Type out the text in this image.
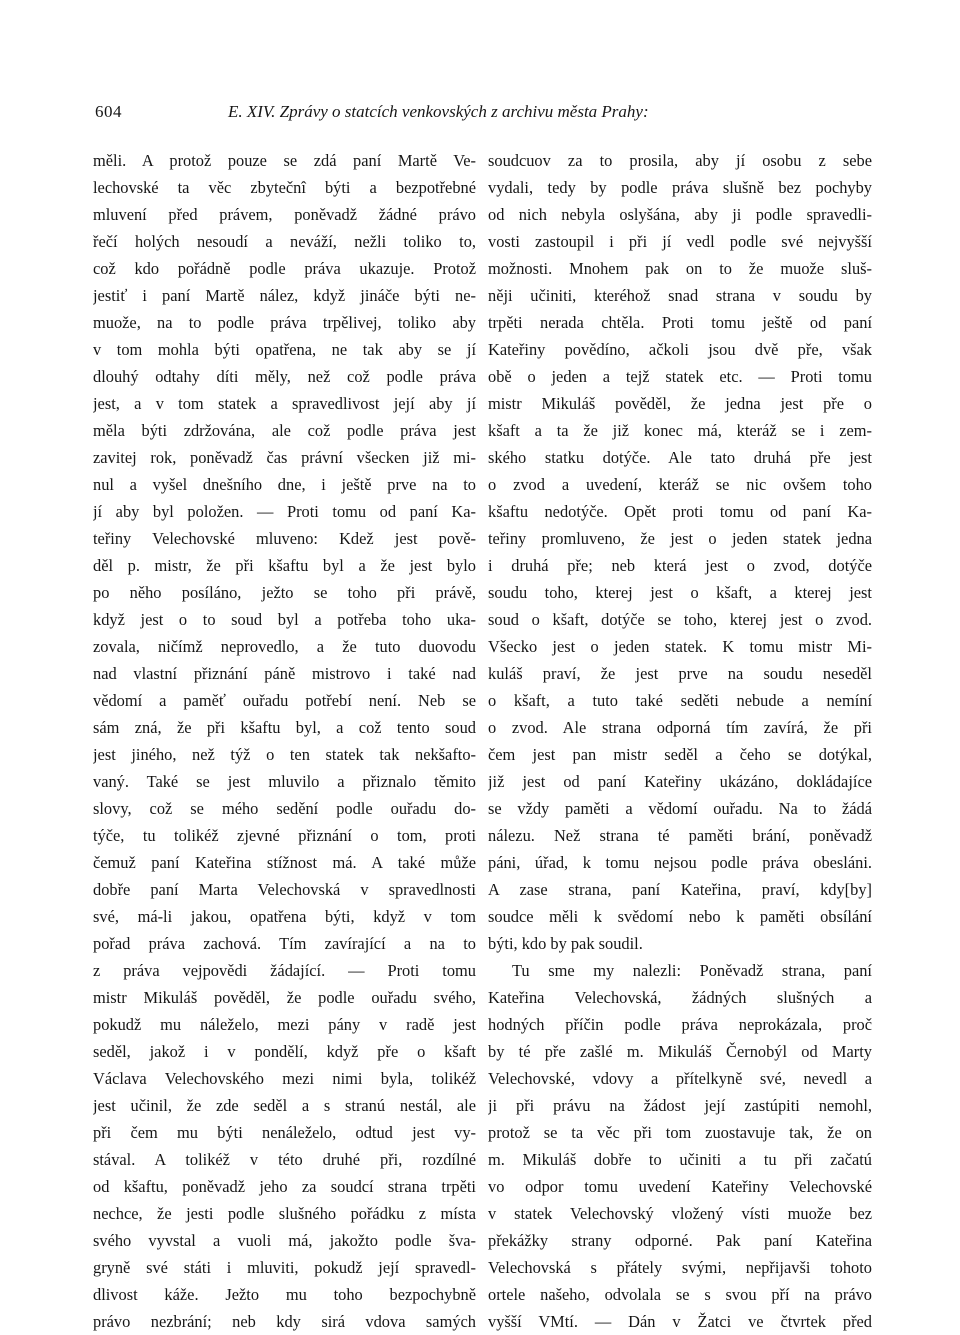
604	E. XIV. Zprávy o statcích venkovských z archivu města Prahy:
měli. A protož pouze se zdá paní Martě Ve-
lechovské ta věc zbytečnî býti a bezpotřebné
mluvení před právem, poněvadž žádné právo
řečí holých nesoudí a neváží, nežli toliko to,
což kdo pořádně podle práva ukazuje. Protož
jestiť i paní Martě nález, když jináče býti ne-
muože, na to podle práva trpělivej, toliko aby
v tom mohla býti opatřena, ne tak aby se jí
dlouhý odtahy díti měly, než což podle práva
jest, a v tom statek a spravedlivost její aby jí
měla býti zdržována, ale což podle práva jest
zavitej rok, poněvadž čas právní všecken již mi-
nul a vyšel dnešního dne, i ještě prve na to
jí aby byl položen. — Proti tomu od paní Ka-
teřiny Velechovské mluveno: Kdež jest pově-
děl p. mistr, že při kšaftu byl a že jest bylo
po něho posíláno, ježto se toho při právě,
když jest o to soud byl a potřeba toho uka-
zovala, ničímž neprovedlo, a že tuto duovodu
nad vlastní přiznání páně mistrovo i také nad
vědomí a paměť ouřadu potřebí není. Neb se
sám zná, že při kšaftu byl, a což tento soud
jest jiného, než týž o ten statek tak nekšafto-
vaný. Také se jest mluvilo a přiznalo těmito
slovy, což se mého sedění podle ouřadu do-
týče, tu tolikéž zjevné přiznání o tom, proti
čemuž paní Kateřina stížnost má. A také může
dobře paní Marta Velechovská v spravedlnosti
své, má-li jakou, opatřena býti, když v tom
pořad práva zachová. Tím zavírající a na to
z práva vejpovědi žádající. — Proti tomu
mistr Mikuláš pověděl, že podle ouřadu svého,
pokudž mu náleželo, mezi pány v radě jest
seděl, jakož i v pondělí, když pře o kšaft
Václava Velechovského mezi nimi byla, tolikéž
jest učinil, že zde seděl a s stranú nestál, ale
při čem mu býti nenáleželo, odtud jest vy-
stával. A tolikéž v této druhé při, rozdílné
od kšaftu, poněvadž jeho za soudcí strana trpěti
nechce, že jesti podle slušného pořádku z místa
svého vyvstal a vuoli má, jakožto podle šva-
gryně své státi i mluviti, pokudž její spravedl-
dlivost káže. Ježto mu toho bezpochybně
právo nezbrání; neb kdy sirá vdova samých
soudcuov za to prosila, aby jí osobu z sebe
vydali, tedy by podle práva slušně bez pochyby
od nich nebyla oslyšána, aby ji podle spravedli-
vosti zastoupil i při jí vedl podle své nejvyšší
možnosti. Mnohem pak on to že muože sluš-
něji učiniti, kteréhož snad strana v soudu by
trpěti nerada chtěla. Proti tomu ještě od paní
Kateřiny povědíno, ačkoli jsou dvě pře, však
obě o jeden a tejž statek etc. — Proti tomu
mistr Mikuláš pověděl, že jedna jest pře o
kšaft a ta že již konec má, kteráž se i zem-
ského statku dotýče. Ale tato druhá pře jest
o zvod a uvedení, kteráž se nic ovšem toho
kšaftu nedotýče. Opět proti tomu od paní Ka-
teřiny promluveno, že jest o jeden statek jedna
i druhá pře; neb která jest o zvod, dotýče
soudu toho, kterej jest o kšaft, a kterej jest
soud o kšaft, dotýče se toho, kterej jest o zvod.
Všecko jest o jeden statek. K tomu mistr Mi-
kuláš praví, že jest prve na soudu neseděl
o kšaft, a tuto také seděti nebude a nemíní
o zvod. Ale strana odporná tím zavírá, že při
čem jest pan mistr seděl a čeho se dotýkal,
již jest od paní Kateřiny ukázáno, dokládajíce
se vždy paměti a vědomí ouřadu. Na to žádá
nálezu. Než strana té paměti brání, poněvadž
páni, úřad, k tomu nejsou podle práva obesláni.
A zase strana, paní Kateřina, praví, kdy[by]
soudce měli k svědomí nebo k paměti obsílání
býti, kdo by pak soudil.
Tu sme my nalezli: Poněvadž strana, paní
Kateřina Velechovská, žádných slušných a
hodných příčin podle práva neprokázala, proč
by té pře zašlé m. Mikuláš Černobýl od Marty
Velechovské, vdovy a přítelkyně své, nevedl a
ji při právu na žádost její zastúpiti nemohl,
protož se ta věc při tom zuostavuje tak, že on
m. Mikuláš dobře to učiniti a tu při začatú
vo odpor tomu uvedení Kateřiny Velechovské
v statek Velechovský vložený vísti muože bez
překážky strany odporné. Pak paní Kateřina
Velechovská s přátely svými, nepřijavši tohoto
ortele našeho, odvolala se s svou pří na právo
vyšší VMtí. — Dán v Žatci ve čtvrtek před
